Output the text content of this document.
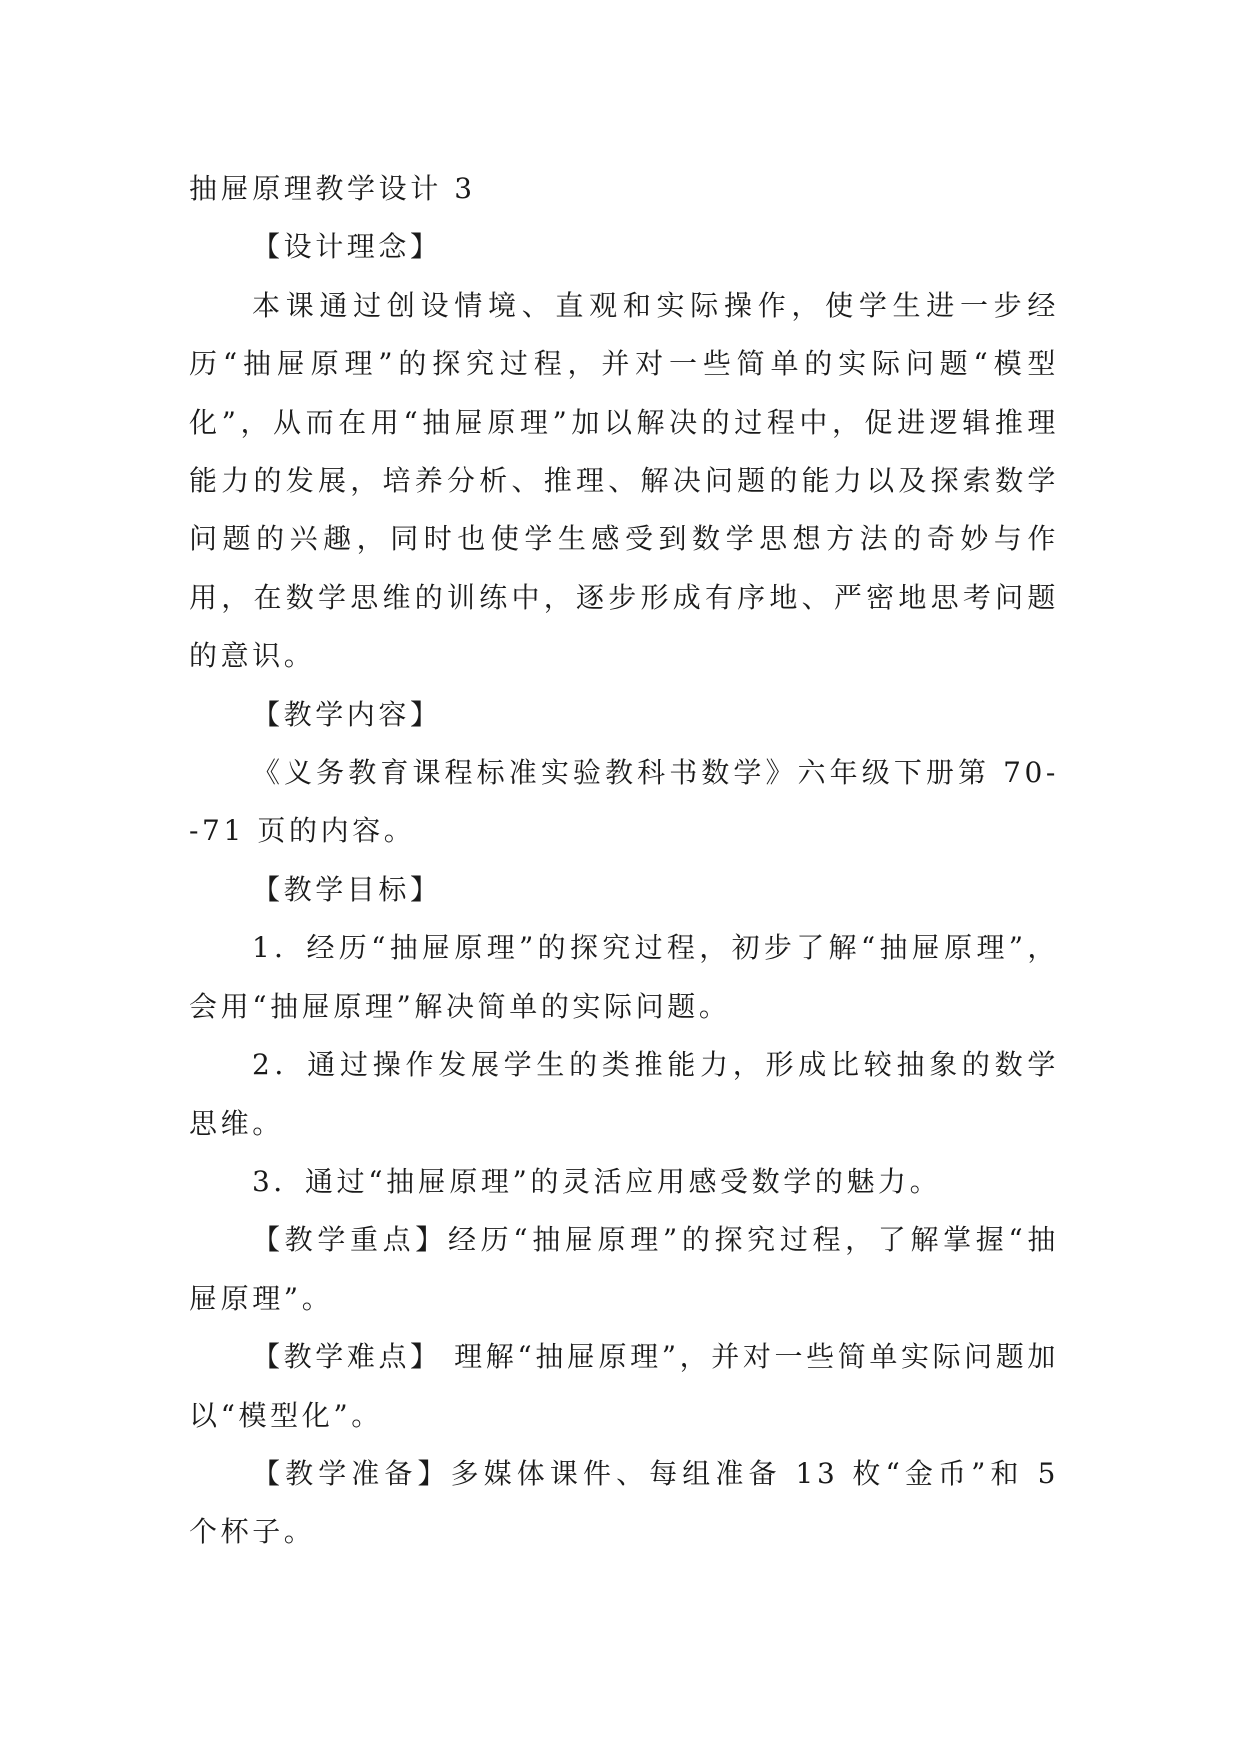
抽屉原理教学设计 3

【设计理念】

本课通过创设情境、直观和实际操作，使学生进一步经历“抽屉原理”的探究过程，并对一些简单的实际问题“模型化”，从而在用“抽屉原理”加以解决的过程中，促进逻辑推理能力的发展，培养分析、推理、解决问题的能力以及探索数学问题的兴趣，同时也使学生感受到数学思想方法的奇妙与作用，在数学思维的训练中，逐步形成有序地、严密地思考问题的意识。

【教学内容】

《义务教育课程标准实验教科书数学》六年级下册第 70--71 页的内容。

【教学目标】

1．经历“抽屉原理”的探究过程，初步了解“抽屉原理”，会用“抽屉原理”解决简单的实际问题。

2．通过操作发展学生的类推能力，形成比较抽象的数学思维。

3．通过“抽屉原理”的灵活应用感受数学的魅力。

【教学重点】经历“抽屉原理”的探究过程，了解掌握“抽屉原理”。

【教学难点】 理解“抽屉原理”，并对一些简单实际问题加以“模型化”。

【教学准备】多媒体课件、每组准备 13 枚“金币”和 5 个杯子。
